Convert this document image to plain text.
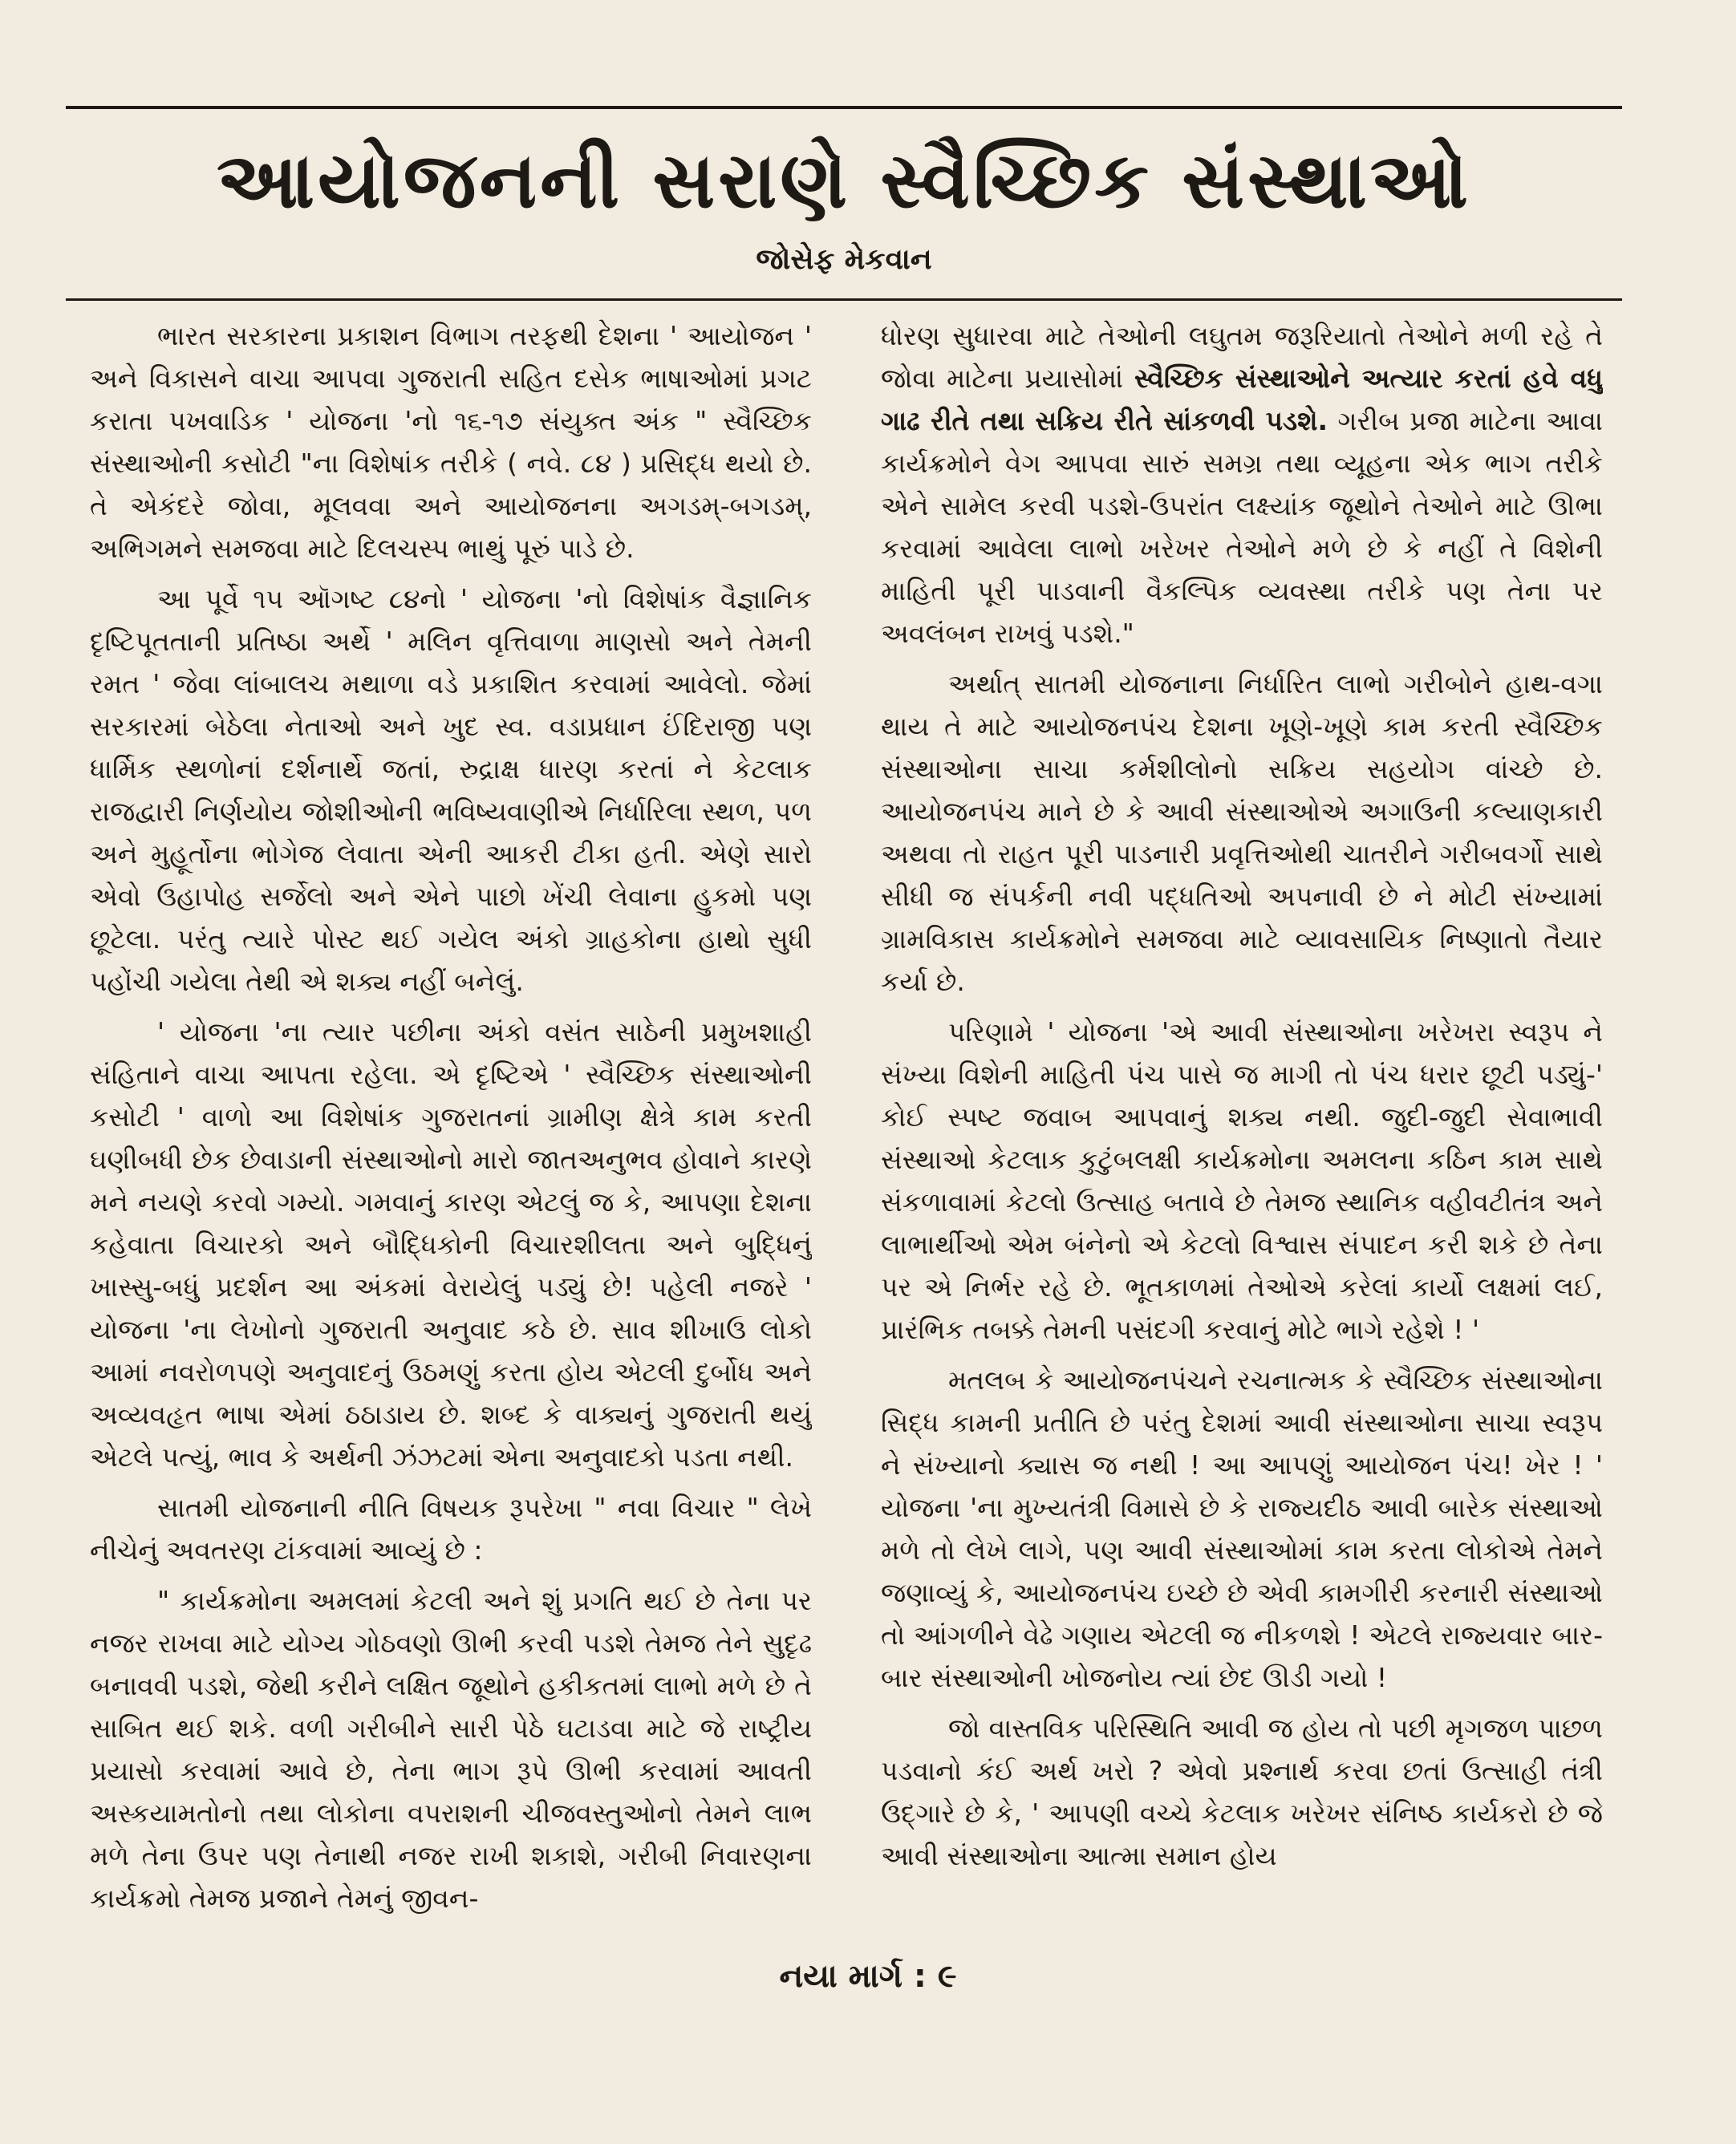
આયોજનની સરાણે સ્વૈચ્છિક સંસ્થાઓ
જોસેફ મેકવાન

ભારત સરકારના પ્રકાશન વિભાગ તરફથી દેશના ' આયોજન ' અને વિકાસને વાચા આપવા ગુજરાતી સહિત દસેક ભાષાઓમાં પ્રગટ કરાતા પખવાડિક ' યોજના 'નો ૧૬-૧૭ સંયુક્ત અંક " સ્વૈચ્છિક સંસ્થાઓની કસોટી "ના વિશેષાંક તરીકે ( નવે. ૮૪ ) પ્રસિદ્ધ થયો છે. તે એકંદરે જોવા, મૂલવવા અને આયોજનના અગડમ્-બગડમ્, અભિગમને સમજવા માટે દિલચસ્પ ભાથું પૂરું પાડે છે.

આ પૂર્વે ૧૫ ઑગષ્ટ ૮૪નો ' યોજના 'નો વિશેષાંક વૈજ્ઞાનિક દૃષ્ટિપૂતતાની પ્રતિષ્ઠા અર્થે ' મલિન વૃત્તિવાળા માણસો અને તેમની રમત ' જેવા લાંબાલચ મથાળા વડે પ્રકાશિત કરવામાં આવેલો. જેમાં સરકારમાં બેઠેલા નેતાઓ અને ખુદ સ્વ. વડાપ્રધાન ઈંદિરાજી પણ ધાર્મિક સ્થળોનાં દર્શનાર્થે જતાં, રુદ્રાક્ષ ધારણ કરતાં ને કેટલાક રાજદ્વારી નિર્ણયોય જોશીઓની ભવિષ્યવાણીએ નિર્ધારિલા સ્થળ, પળ અને મુહૂર્તોના ભોગેજ લેવાતા એની આકરી ટીકા હતી. એણે સારો એવો ઉહાપોહ સર્જેલો અને એને પાછો ખેંચી લેવાના હુકમો પણ છૂટેલા. પરંતુ ત્યારે પોસ્ટ થઈ ગયેલ અંકો ગ્રાહકોના હાથો સુધી પહોંચી ગયેલા તેથી એ શક્ય નહીં બનેલું.

' યોજના 'ના ત્યાર પછીના અંકો વસંત સાઠેની પ્રમુખશાહી સંહિતાને વાચા આપતા રહેલા. એ દૃષ્ટિએ ' સ્વૈચ્છિક સંસ્થાઓની કસોટી ' વાળો આ વિશેષાંક ગુજરાતનાં ગ્રામીણ ક્ષેત્રે કામ કરતી ઘણીબધી છેક છેવાડાની સંસ્થાઓનો મારો જાતઅનુભવ હોવાને કારણે મને નયણે કરવો ગમ્યો. ગમવાનું કારણ એટલું જ કે, આપણા દેશના કહેવાતા વિચારકો અને બૌદ્ધિકોની વિચારશીલતા અને બુદ્ધિનું ખાસ્સુ-બધું પ્રદર્શન આ અંકમાં વેરાયેલું પડ્યું છે! પહેલી નજરે ' યોજના 'ના લેખોનો ગુજરાતી અનુવાદ કઠે છે. સાવ શીખાઉ લોકો આમાં નવરોળપણે અનુવાદનું ઉઠમણું કરતા હોય એટલી દુર્બોધ અને અવ્યવહૃત ભાષા એમાં ઠઠાડાય છે. શબ્દ કે વાક્યનું ગુજરાતી થયું એટલે પત્યું, ભાવ કે અર્થની ઝંઝટમાં એના અનુવાદકો પડતા નથી.

સાતમી યોજનાની નીતિ વિષયક રૂપરેખા " નવા વિચાર " લેખે નીચેનું અવતરણ ટાંકવામાં આવ્યું છે :

" કાર્યક્રમોના અમલમાં કેટલી અને શું પ્રગતિ થઈ છે તેના પર નજર રાખવા માટે યોગ્ય ગોઠવણો ઊભી કરવી પડશે તેમજ તેને સુદૃઢ બનાવવી પડશે, જેથી કરીને લક્ષિત જૂથોને હકીકતમાં લાભો મળે છે તે સાબિત થઈ શકે. વળી ગરીબીને સારી પેઠે ઘટાડવા માટે જે રાષ્ટ્રીય પ્રયાસો કરવામાં આવે છે, તેના ભાગ રૂપે ઊભી કરવામાં આવતી અસ્કયામતોનો તથા લોકોના વપરાશની ચીજવસ્તુઓનો તેમને લાભ મળે તેના ઉપર પણ તેનાથી નજર રાખી શકાશે, ગરીબી નિવારણના કાર્યક્રમો તેમજ પ્રજાને તેમનું જીવન-

ધોરણ સુધારવા માટે તેઓની લઘુતમ જરૂરિયાતો તેઓને મળી રહે તે જોવા માટેના પ્રયાસોમાં સ્વૈચ્છિક સંસ્થાઓને અત્યાર કરતાં હવે વધુ ગાઢ રીતે તથા સક્રિય રીતે સાંકળવી પડશે. ગરીબ પ્રજા માટેના આવા કાર્યક્રમોને વેગ આપવા સારું સમગ્ર તથા વ્યૂહના એક ભાગ તરીકે એને સામેલ કરવી પડશે-ઉપરાંત લક્ષ્યાંક જૂથોને તેઓને માટે ઊભા કરવામાં આવેલા લાભો ખરેખર તેઓને મળે છે કે નહીં તે વિશેની માહિતી પૂરી પાડવાની વૈકલ્પિક વ્યવસ્થા તરીકે પણ તેના પર અવલંબન રાખવું પડશે."

અર્થાત્ સાતમી યોજનાના નિર્ધારિત લાભો ગરીબોને હાથ-વગા થાય તે માટે આયોજનપંચ દેશના ખૂણે-ખૂણે કામ કરતી સ્વૈચ્છિક સંસ્થાઓના સાચા કર્મશીલોનો સક્રિય સહયોગ વાંચ્છે છે. આયોજનપંચ માને છે કે આવી સંસ્થાઓએ અગાઉની કલ્યાણકારી અથવા તો રાહત પૂરી પાડનારી પ્રવૃત્તિઓથી ચાતરીને ગરીબવર્ગો સાથે સીધી જ સંપર્કની નવી પદ્ધતિઓ અપનાવી છે ને મોટી સંખ્યામાં ગ્રામવિકાસ કાર્યક્રમોને સમજવા માટે વ્યાવસાયિક નિષ્ણાતો તૈયાર કર્યા છે.

પરિણામે ' યોજના 'એ આવી સંસ્થાઓના ખરેખરા સ્વરૂપ ને સંખ્યા વિશેની માહિતી પંચ પાસે જ માગી તો પંચ ધરાર છૂટી પડ્યું-' કોઈ સ્પષ્ટ જવાબ આપવાનું શક્ય નથી. જુદી-જુદી સેવાભાવી સંસ્થાઓ કેટલાક કુટુંબલક્ષી કાર્યક્રમોના અમલના કઠિન કામ સાથે સંકળાવામાં કેટલો ઉત્સાહ બતાવે છે તેમજ સ્થાનિક વહીવટીતંત્ર અને લાભાર્થીઓ એમ બંનેનો એ કેટલો વિશ્વાસ સંપાદન કરી શકે છે તેના પર એ નિર્ભર રહે છે. ભૂતકાળમાં તેઓએ કરેલાં કાર્યો લક્ષમાં લઈ, પ્રારંભિક તબક્કે તેમની પસંદગી કરવાનું મોટે ભાગે રહેશે ! '

મતલબ કે આયોજનપંચને રચનાત્મક કે સ્વૈચ્છિક સંસ્થાઓના સિદ્ધ કામની પ્રતીતિ છે પરંતુ દેશમાં આવી સંસ્થાઓના સાચા સ્વરૂપ ને સંખ્યાનો ક્યાસ જ નથી ! આ આપણું આયોજન પંચ! ખેર ! ' યોજના 'ના મુખ્યતંત્રી વિમાસે છે કે રાજ્યદીઠ આવી બારેક સંસ્થાઓ મળે તો લેખે લાગે, પણ આવી સંસ્થાઓમાં કામ કરતા લોકોએ તેમને જણાવ્યું કે, આયોજનપંચ ઇચ્છે છે એવી કામગીરી કરનારી સંસ્થાઓ તો આંગળીને વેઢે ગણાય એટલી જ નીકળશે ! એટલે રાજ્યવાર બાર-બાર સંસ્થાઓની ખોજનોય ત્યાં છેદ ઊડી ગયો !

જો વાસ્તવિક પરિસ્થિતિ આવી જ હોય તો પછી મૃગજળ પાછળ પડવાનો કંઈ અર્થ ખરો ? એવો પ્રશ્નાર્થ કરવા છતાં ઉત્સાહી તંત્રી ઉદ્ગારે છે કે, ' આપણી વચ્ચે કેટલાક ખરેખર સંનિષ્ઠ કાર્યકરો છે જે આવી સંસ્થાઓના આત્મા સમાન હોય

નયા માર્ગ : ૯
